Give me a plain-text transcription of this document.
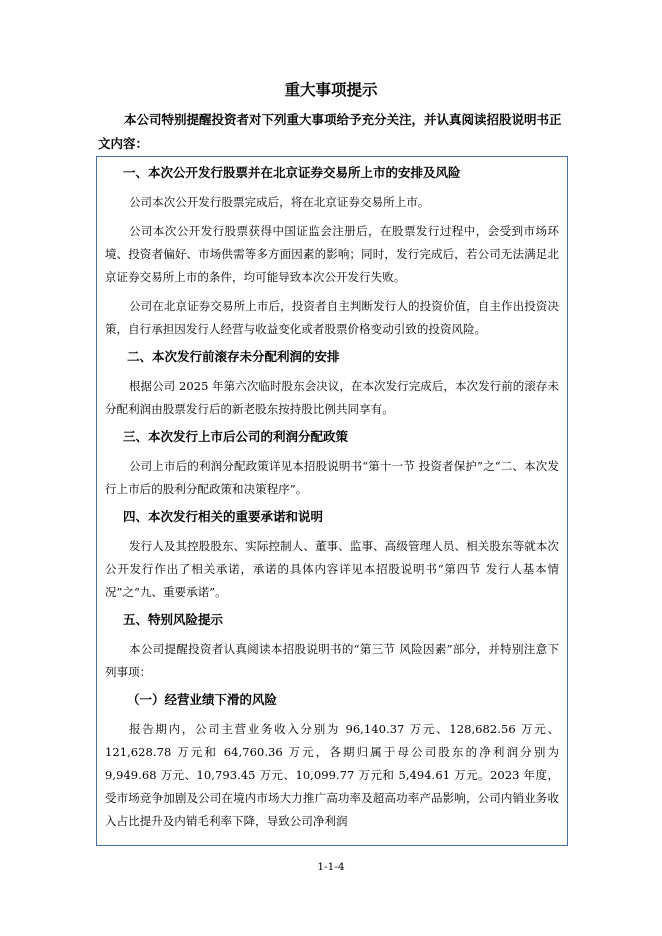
重大事项提示
本公司特别提醒投资者对下列重大事项给予充分关注，并认真阅读招股说明书正文内容：
一、本次公开发行股票并在北京证券交易所上市的安排及风险
公司本次公开发行股票完成后，将在北京证券交易所上市。
公司本次公开发行股票获得中国证监会注册后，在股票发行过程中，会受到市场环境、投资者偏好、市场供需等多方面因素的影响；同时，发行完成后，若公司无法满足北京证券交易所上市的条件，均可能导致本次公开发行失败。
公司在北京证券交易所上市后，投资者自主判断发行人的投资价值，自主作出投资决策，自行承担因发行人经营与收益变化或者股票价格变动引致的投资风险。
二、本次发行前滚存未分配利润的安排
根据公司 2025 年第六次临时股东会决议，在本次发行完成后，本次发行前的滚存未分配利润由股票发行后的新老股东按持股比例共同享有。
三、本次发行上市后公司的利润分配政策
公司上市后的利润分配政策详见本招股说明书“第十一节 投资者保护”之“二、本次发行上市后的股利分配政策和决策程序”。
四、本次发行相关的重要承诺和说明
发行人及其控股股东、实际控制人、董事、监事、高级管理人员、相关股东等就本次公开发行作出了相关承诺，承诺的具体内容详见本招股说明书“第四节 发行人基本情况”之“九、重要承诺”。
五、特别风险提示
本公司提醒投资者认真阅读本招股说明书的“第三节 风险因素”部分，并特别注意下列事项：
（一）经营业绩下滑的风险
报告期内，公司主营业务收入分别为 96,140.37 万元、128,682.56 万元、121,628.78 万元和 64,760.36 万元，各期归属于母公司股东的净利润分别为 9,949.68 万元、10,793.45 万元、10,099.77 万元和 5,494.61 万元。2023 年度，受市场竞争加剧及公司在境内市场大力推广高功率及超高功率产品影响，公司内销业务收入占比提升及内销毛利率下降，导致公司净利润
1-1-4
